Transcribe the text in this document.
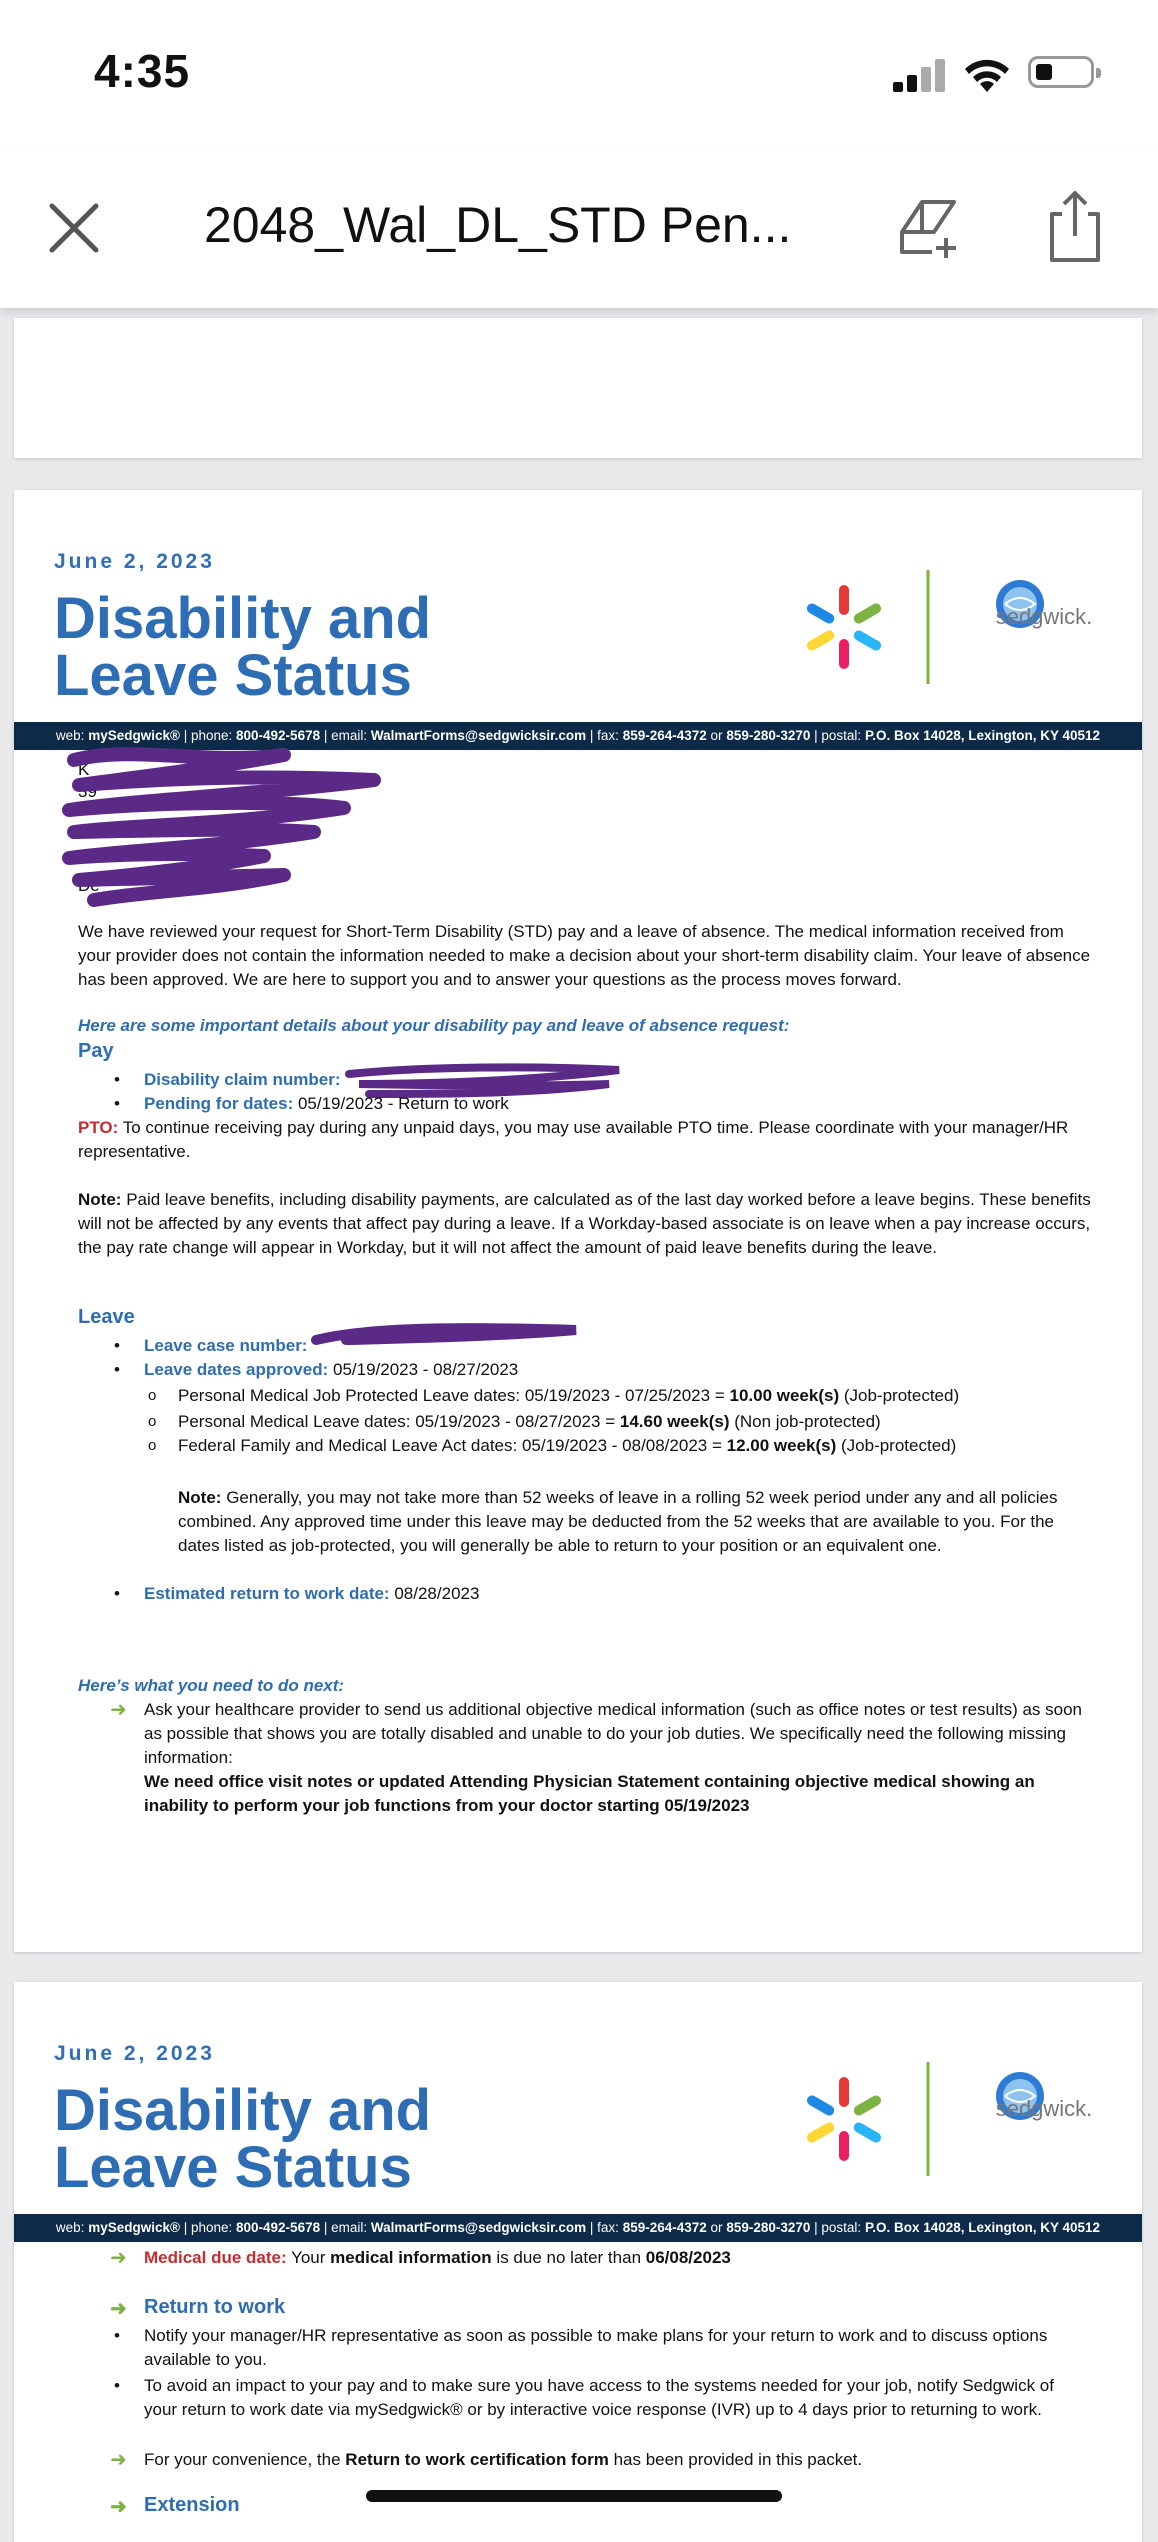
4:35
2048_Wal_DL_STD Pen...
June 2, 2023
Disability and
Leave Status
sedgwick.
web: mySedgwick® | phone: 800-492-5678 | email: WalmartForms@sedgwicksir.com | fax: 859-264-4372 or 859-280-3270 | postal: P.O. Box 14028, Lexington, KY 40512
K
39
De
We have reviewed your request for Short-Term Disability (STD) pay and a leave of absence. The medical information received from your provider does not contain the information needed to make a decision about your short-term disability claim. Your leave of absence has been approved. We are here to support you and to answer your questions as the process moves forward.
Here are some important details about your disability pay and leave of absence request:
Pay
• Disability claim number:
• Pending for dates: 05/19/2023 - Return to work
PTO: To continue receiving pay during any unpaid days, you may use available PTO time. Please coordinate with your manager/HR representative.
Note: Paid leave benefits, including disability payments, are calculated as of the last day worked before a leave begins. These benefits will not be affected by any events that affect pay during a leave. If a Workday-based associate is on leave when a pay increase occurs, the pay rate change will appear in Workday, but it will not affect the amount of paid leave benefits during the leave.
Leave
• Leave case number:
• Leave dates approved: 05/19/2023 - 08/27/2023
o Personal Medical Job Protected Leave dates: 05/19/2023 - 07/25/2023 = 10.00 week(s) (Job-protected)
o Personal Medical Leave dates: 05/19/2023 - 08/27/2023 = 14.60 week(s) (Non job-protected)
o Federal Family and Medical Leave Act dates: 05/19/2023 - 08/08/2023 = 12.00 week(s) (Job-protected)
Note: Generally, you may not take more than 52 weeks of leave in a rolling 52 week period under any and all policies combined. Any approved time under this leave may be deducted from the 52 weeks that are available to you. For the dates listed as job-protected, you will generally be able to return to your position or an equivalent one.
• Estimated return to work date: 08/28/2023
Here’s what you need to do next:
➜ Ask your healthcare provider to send us additional objective medical information (such as office notes or test results) as soon as possible that shows you are totally disabled and unable to do your job duties. We specifically need the following missing information:
We need office visit notes or updated Attending Physician Statement containing objective medical showing an inability to perform your job functions from your doctor starting 05/19/2023
June 2, 2023
Disability and
Leave Status
sedgwick.
web: mySedgwick® | phone: 800-492-5678 | email: WalmartForms@sedgwicksir.com | fax: 859-264-4372 or 859-280-3270 | postal: P.O. Box 14028, Lexington, KY 40512
➜ Medical due date: Your medical information is due no later than 06/08/2023
➜ Return to work
• Notify your manager/HR representative as soon as possible to make plans for your return to work and to discuss options available to you.
• To avoid an impact to your pay and to make sure you have access to the systems needed for your job, notify Sedgwick of your return to work date via mySedgwick® or by interactive voice response (IVR) up to 4 days prior to returning to work.
➜ For your convenience, the Return to work certification form has been provided in this packet.
➜ Extension
